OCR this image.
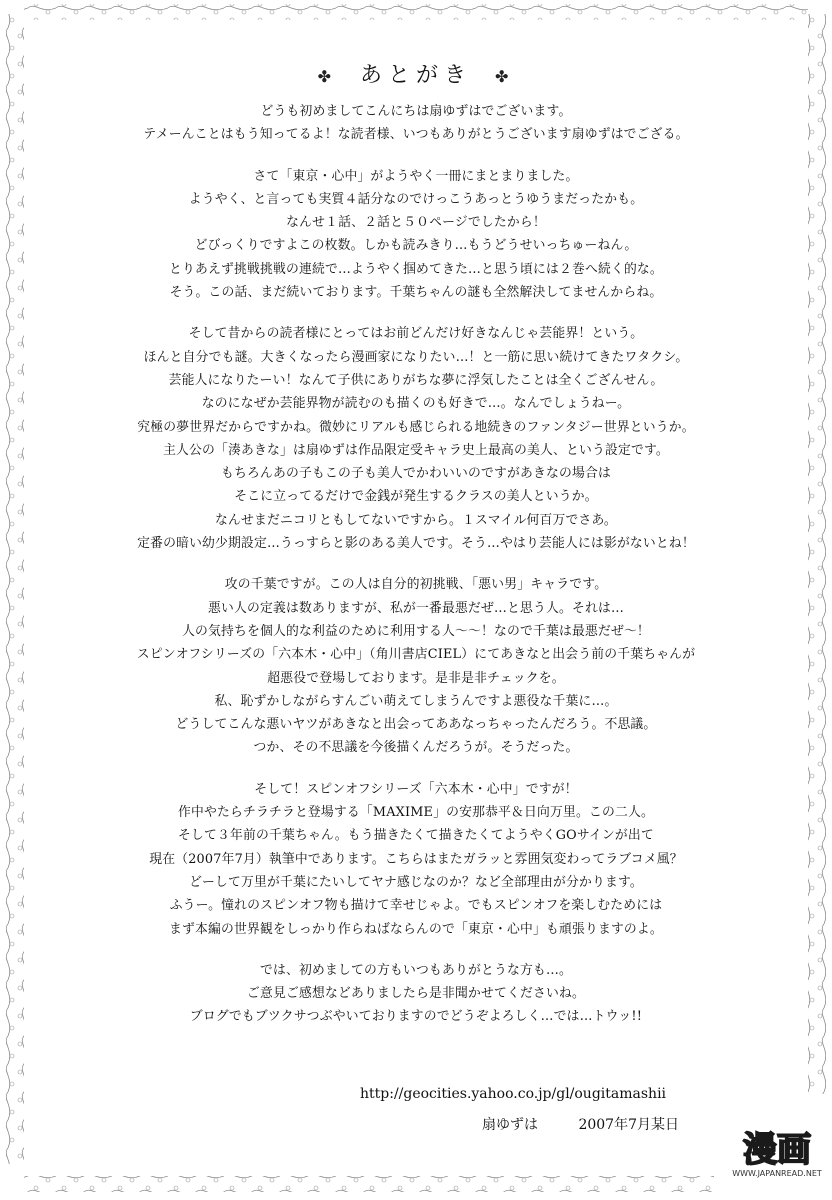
✤ あとがき ✤
どうも初めましてこんにちは扇ゆずはでございます。
テメーんことはもう知ってるよ！な読者様、いつもありがとうございます扇ゆずはでござる。
さて「東京・心中」がようやく一冊にまとまりました。
ようやく、と言っても実質４話分なのでけっこうあっとうゆうまだったかも。
なんせ１話、２話と５０ページでしたから！
どびっくりですよこの枚数。しかも読みきり…もうどうせいっちゅーねん。
とりあえず挑戦挑戦の連続で…ようやく掴めてきた…と思う頃には２巻へ続く的な。
そう。この話、まだ続いております。千葉ちゃんの謎も全然解決してませんからね。
そして昔からの読者様にとってはお前どんだけ好きなんじゃ芸能界！という。
ほんと自分でも謎。大きくなったら漫画家になりたい…！と一筋に思い続けてきたワタクシ。
芸能人になりたーい！なんて子供にありがちな夢に浮気したことは全くござんせん。
なのになぜか芸能界物が読むのも描くのも好きで…。なんでしょうねー。
究極の夢世界だからですかね。微妙にリアルも感じられる地続きのファンタジー世界というか。
主人公の「湊あきな」は扇ゆずは作品限定受キャラ史上最高の美人、という設定です。
もちろんあの子もこの子も美人でかわいいのですがあきなの場合は
そこに立ってるだけで金銭が発生するクラスの美人というか。
なんせまだニコリともしてないですから。１スマイル何百万でさあ。
定番の暗い幼少期設定…うっすらと影のある美人です。そう…やはり芸能人には影がないとね！
攻の千葉ですが。この人は自分的初挑戦、「悪い男」キャラです。
悪い人の定義は数ありますが、私が一番最悪だぜ…と思う人。それは…
人の気持ちを個人的な利益のために利用する人〜〜！なので千葉は最悪だぜ〜！
スピンオフシリーズの「六本木・心中」（角川書店CIEL）にてあきなと出会う前の千葉ちゃんが
超悪役で登場しております。是非是非チェックを。
私、恥ずかしながらすんごい萌えてしまうんですよ悪役な千葉に…。
どうしてこんな悪いヤツがあきなと出会ってああなっちゃったんだろう。不思議。
つか、その不思議を今後描くんだろうが。そうだった。
そして！スピンオフシリーズ「六本木・心中」ですが！
作中やたらチラチラと登場する「MAXIME」の安那恭平＆日向万里。この二人。
そして３年前の千葉ちゃん。もう描きたくて描きたくてようやくGOサインが出て
現在（2007年7月）執筆中であります。こちらはまたガラッと雰囲気変わってラブコメ風？
どーして万里が千葉にたいしてヤナ感じなのか？など全部理由が分かります。
ふうー。憧れのスピンオフ物も描けて幸せじゃよ。でもスピンオフを楽しむためには
まず本編の世界観をしっかり作らねばならんので「東京・心中」も頑張りますのよ。
では、初めましての方もいつもありがとうな方も…。
ご意見ご感想などありましたら是非聞かせてくださいね。
ブログでもブツクサつぶやいておりますのでどうぞよろしく…では…トウッ!!
http://geocities.yahoo.co.jp/gl/ougitamashii
扇ゆずは	2007年7月某日
漫画
WWW.JAPANREAD.NET
